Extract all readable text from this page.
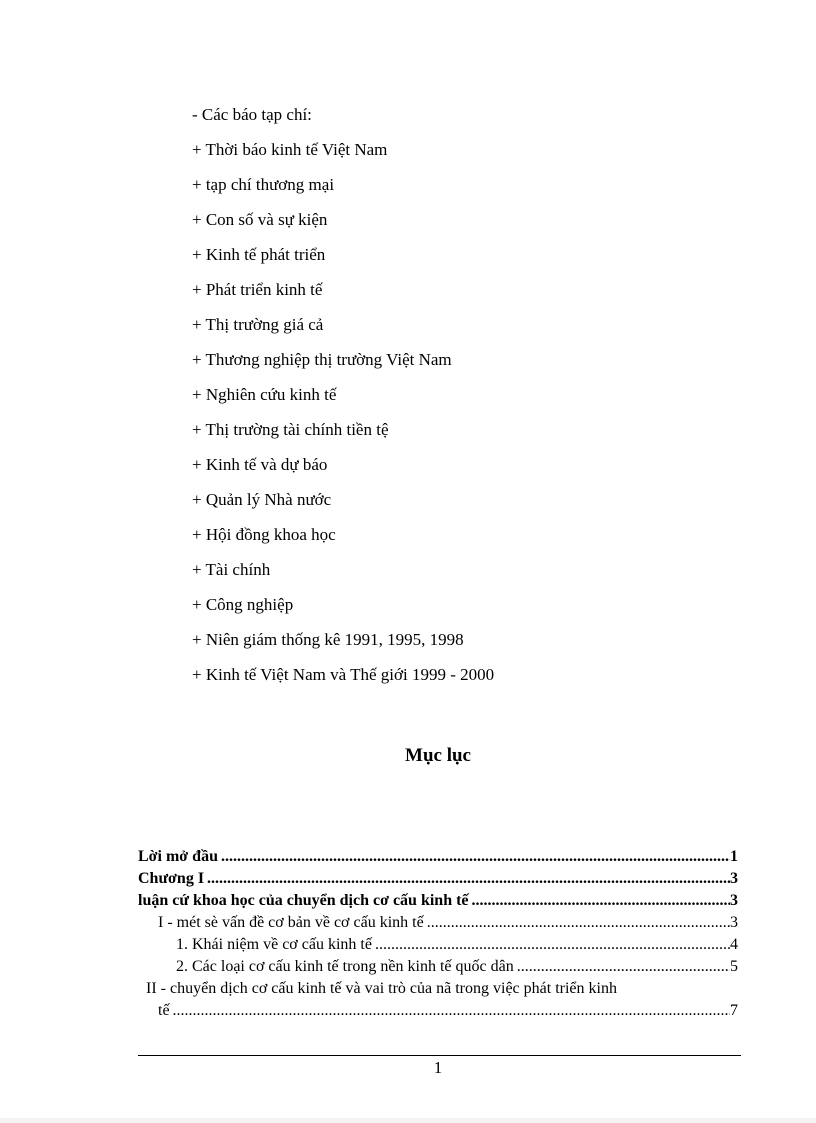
- Các báo tạp chí:
+ Thời báo kinh tế Việt Nam
+ tạp chí thương mại
+ Con số và sự kiện
+ Kinh tế phát triển
+ Phát triển kinh tế
+ Thị trường giá cả
+ Thương nghiệp thị trường Việt Nam
+ Nghiên cứu kinh tế
+ Thị trường tài chính tiền tệ
+ Kinh tế và dự báo
+ Quản lý Nhà nước
+ Hội đồng khoa học
+ Tài chính
+ Công nghiệp
+ Niên giám thống kê 1991, 1995, 1998
+ Kinh tế Việt Nam và Thế giới 1999 - 2000
Mục lục
Lời mở đầu .....	1
Chương I .....	3
luận cứ khoa học của chuyển dịch cơ cấu kinh tế .....	3
I - mét sè vấn đề cơ bản về cơ cấu kinh tế .....	3
1. Khái niệm về cơ cấu kinh tế .....	4
2. Các loại cơ cấu kinh tế trong nền kinh tế quốc dân .....	5
II - chuyển dịch cơ cấu kinh tế và vai trò của nã trong việc phát triển kinh
tế .....	7
1
